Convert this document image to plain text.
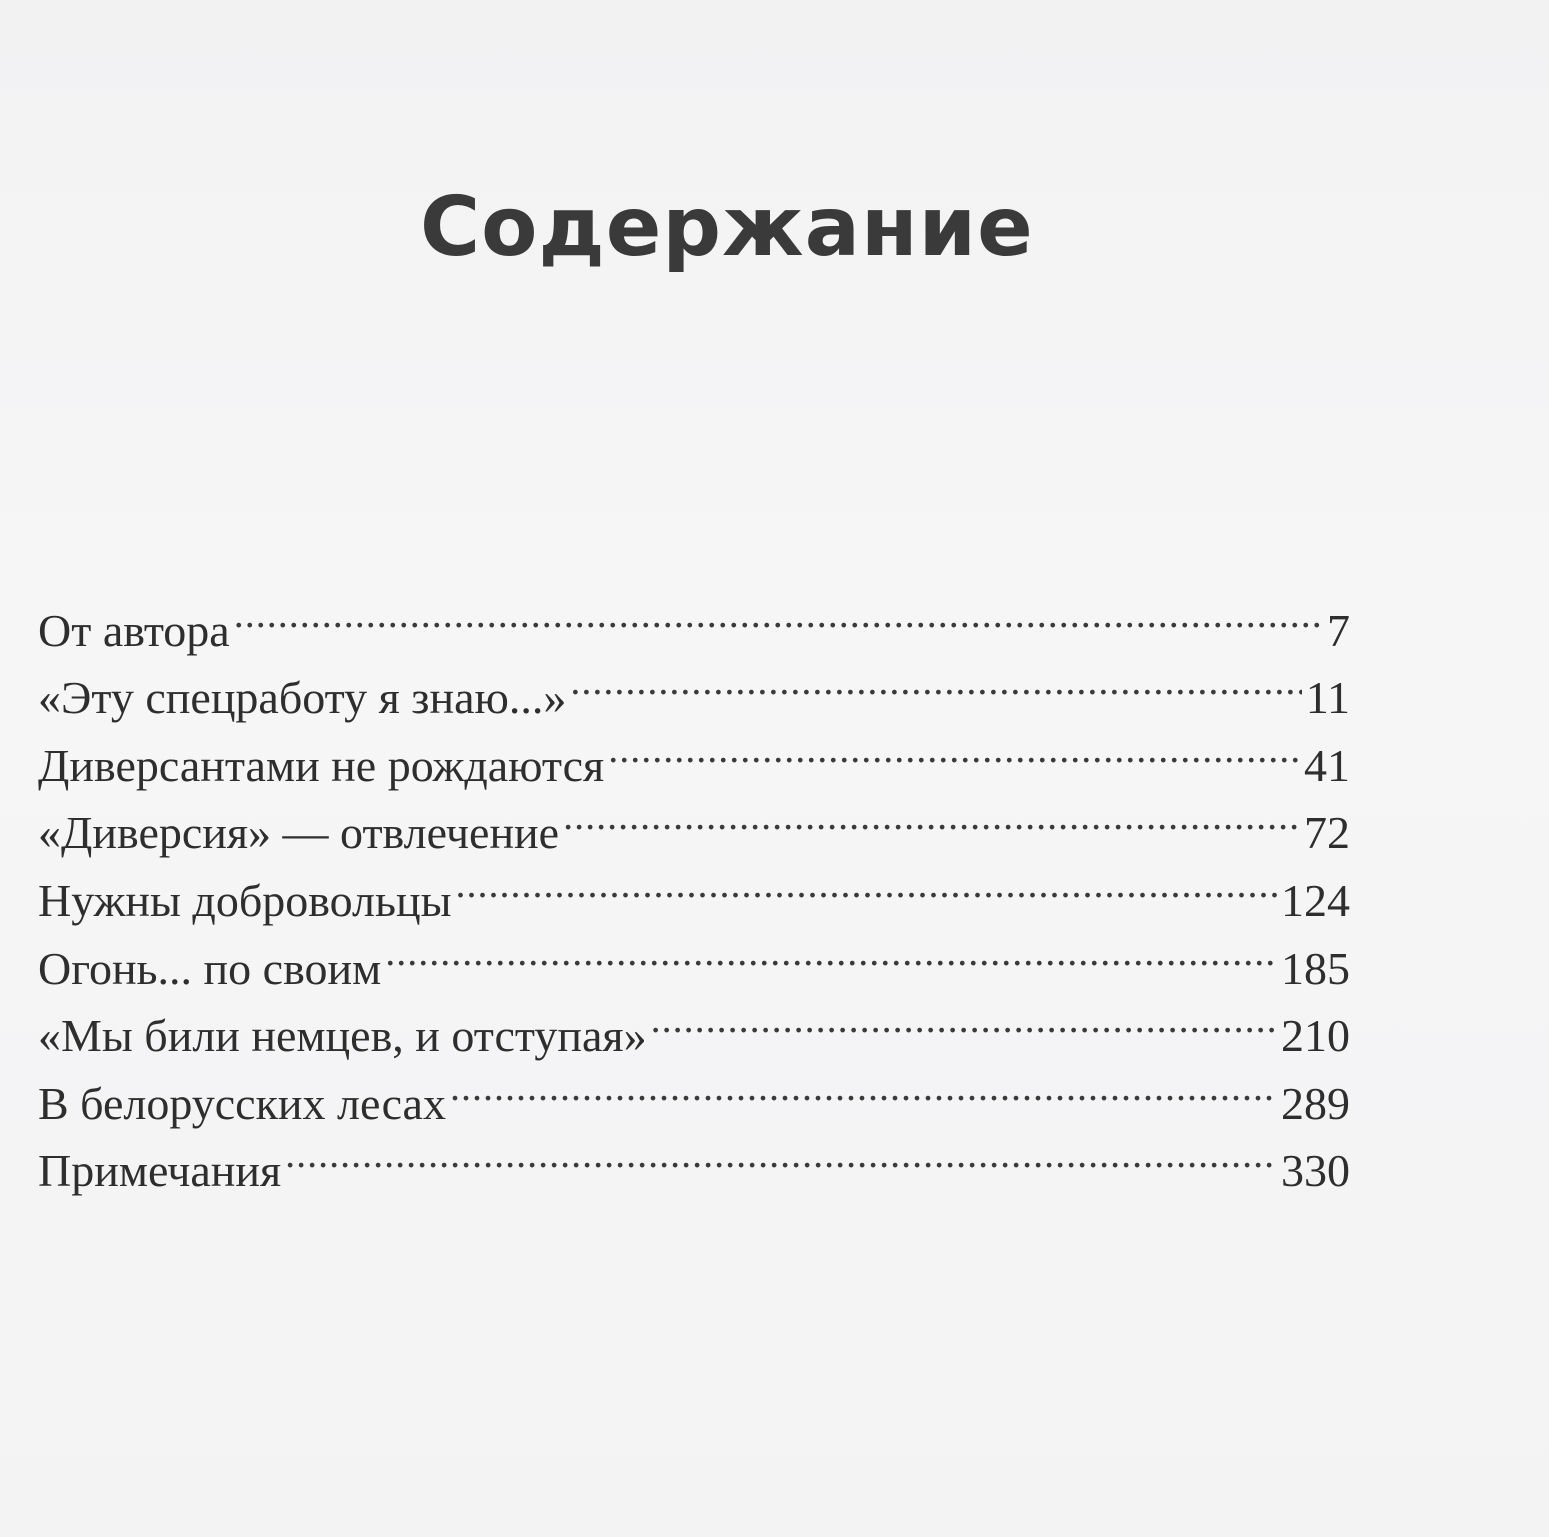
Содержание
От автора .....	7
«Эту спецработу я знаю...» .....	11
Диверсантами не рождаются .....	41
«Диверсия» — отвлечение .....	72
Нужны добровольцы .....	124
Огонь... по своим .....	185
«Мы били немцев, и отступая» .....	210
В белорусских лесах .....	289
Примечания .....	330
